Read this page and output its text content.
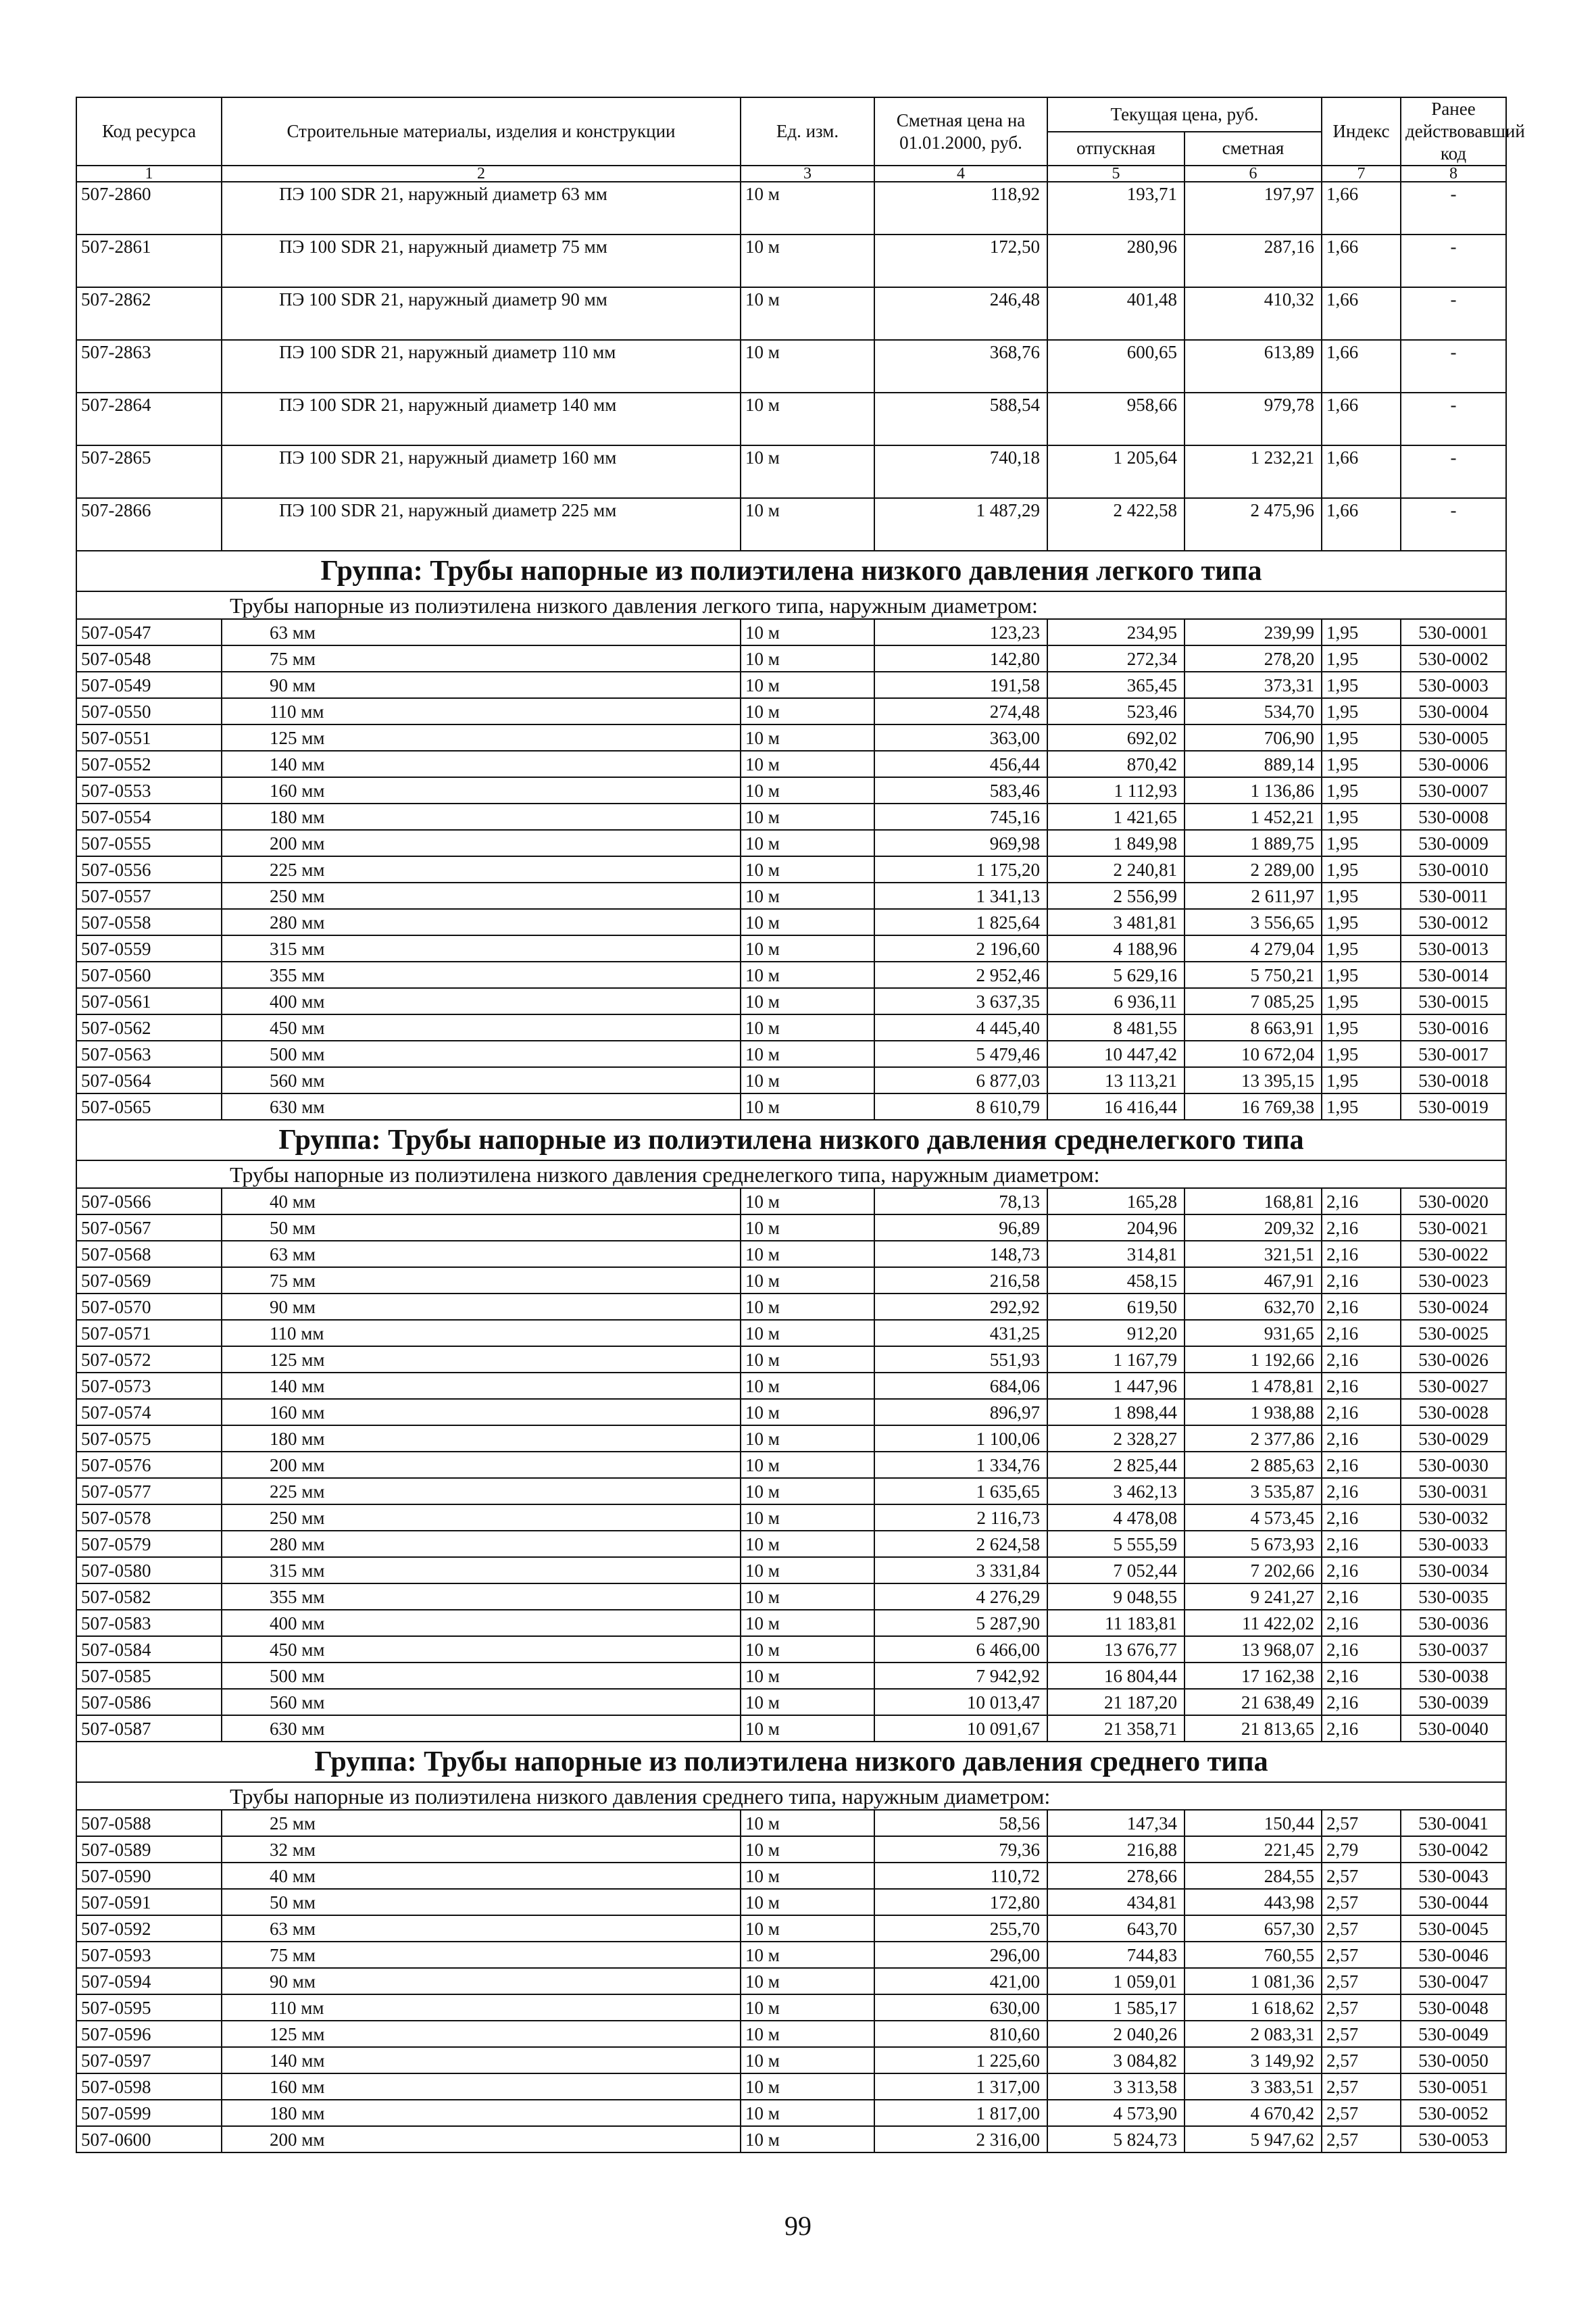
Код ресурса	Строительные материалы, изделия и конструкции	Ед. изм.	Сметная цена на 01.01.2000, руб.	Текущая цена, руб.		Индекс	Ранее действовавший код
				отпускная	сметная		
1	2	3	4	5	6	7	8
507-2860	ПЭ 100 SDR 21, наружный диаметр 63 мм	10 м	118,92	193,71	197,97	1,66	-
507-2861	ПЭ 100 SDR 21, наружный диаметр 75 мм	10 м	172,50	280,96	287,16	1,66	-
507-2862	ПЭ 100 SDR 21, наружный диаметр 90 мм	10 м	246,48	401,48	410,32	1,66	-
507-2863	ПЭ 100 SDR 21, наружный диаметр 110 мм	10 м	368,76	600,65	613,89	1,66	-
507-2864	ПЭ 100 SDR 21, наружный диаметр 140 мм	10 м	588,54	958,66	979,78	1,66	-
507-2865	ПЭ 100 SDR 21, наружный диаметр 160 мм	10 м	740,18	1 205,64	1 232,21	1,66	-
507-2866	ПЭ 100 SDR 21, наружный диаметр 225 мм	10 м	1 487,29	2 422,58	2 475,96	1,66	-
Группа: Трубы напорные из полиэтилена низкого давления легкого типа							
Трубы напорные из полиэтилена низкого давления легкого типа, наружным диаметром:							
507-0547	63 мм	10 м	123,23	234,95	239,99	1,95	530-0001
507-0548	75 мм	10 м	142,80	272,34	278,20	1,95	530-0002
507-0549	90 мм	10 м	191,58	365,45	373,31	1,95	530-0003
507-0550	110 мм	10 м	274,48	523,46	534,70	1,95	530-0004
507-0551	125 мм	10 м	363,00	692,02	706,90	1,95	530-0005
507-0552	140 мм	10 м	456,44	870,42	889,14	1,95	530-0006
507-0553	160 мм	10 м	583,46	1 112,93	1 136,86	1,95	530-0007
507-0554	180 мм	10 м	745,16	1 421,65	1 452,21	1,95	530-0008
507-0555	200 мм	10 м	969,98	1 849,98	1 889,75	1,95	530-0009
507-0556	225 мм	10 м	1 175,20	2 240,81	2 289,00	1,95	530-0010
507-0557	250 мм	10 м	1 341,13	2 556,99	2 611,97	1,95	530-0011
507-0558	280 мм	10 м	1 825,64	3 481,81	3 556,65	1,95	530-0012
507-0559	315 мм	10 м	2 196,60	4 188,96	4 279,04	1,95	530-0013
507-0560	355 мм	10 м	2 952,46	5 629,16	5 750,21	1,95	530-0014
507-0561	400 мм	10 м	3 637,35	6 936,11	7 085,25	1,95	530-0015
507-0562	450 мм	10 м	4 445,40	8 481,55	8 663,91	1,95	530-0016
507-0563	500 мм	10 м	5 479,46	10 447,42	10 672,04	1,95	530-0017
507-0564	560 мм	10 м	6 877,03	13 113,21	13 395,15	1,95	530-0018
507-0565	630 мм	10 м	8 610,79	16 416,44	16 769,38	1,95	530-0019
Группа: Трубы напорные из полиэтилена низкого давления среднелегкого типа							
Трубы напорные из полиэтилена низкого давления среднелегкого типа, наружным диаметром:							
507-0566	40 мм	10 м	78,13	165,28	168,81	2,16	530-0020
507-0567	50 мм	10 м	96,89	204,96	209,32	2,16	530-0021
507-0568	63 мм	10 м	148,73	314,81	321,51	2,16	530-0022
507-0569	75 мм	10 м	216,58	458,15	467,91	2,16	530-0023
507-0570	90 мм	10 м	292,92	619,50	632,70	2,16	530-0024
507-0571	110 мм	10 м	431,25	912,20	931,65	2,16	530-0025
507-0572	125 мм	10 м	551,93	1 167,79	1 192,66	2,16	530-0026
507-0573	140 мм	10 м	684,06	1 447,96	1 478,81	2,16	530-0027
507-0574	160 мм	10 м	896,97	1 898,44	1 938,88	2,16	530-0028
507-0575	180 мм	10 м	1 100,06	2 328,27	2 377,86	2,16	530-0029
507-0576	200 мм	10 м	1 334,76	2 825,44	2 885,63	2,16	530-0030
507-0577	225 мм	10 м	1 635,65	3 462,13	3 535,87	2,16	530-0031
507-0578	250 мм	10 м	2 116,73	4 478,08	4 573,45	2,16	530-0032
507-0579	280 мм	10 м	2 624,58	5 555,59	5 673,93	2,16	530-0033
507-0580	315 мм	10 м	3 331,84	7 052,44	7 202,66	2,16	530-0034
507-0582	355 мм	10 м	4 276,29	9 048,55	9 241,27	2,16	530-0035
507-0583	400 мм	10 м	5 287,90	11 183,81	11 422,02	2,16	530-0036
507-0584	450 мм	10 м	6 466,00	13 676,77	13 968,07	2,16	530-0037
507-0585	500 мм	10 м	7 942,92	16 804,44	17 162,38	2,16	530-0038
507-0586	560 мм	10 м	10 013,47	21 187,20	21 638,49	2,16	530-0039
507-0587	630 мм	10 м	10 091,67	21 358,71	21 813,65	2,16	530-0040
Группа: Трубы напорные из полиэтилена низкого давления среднего типа							
Трубы напорные из полиэтилена низкого давления среднего типа, наружным диаметром:							
507-0588	25 мм	10 м	58,56	147,34	150,44	2,57	530-0041
507-0589	32 мм	10 м	79,36	216,88	221,45	2,79	530-0042
507-0590	40 мм	10 м	110,72	278,66	284,55	2,57	530-0043
507-0591	50 мм	10 м	172,80	434,81	443,98	2,57	530-0044
507-0592	63 мм	10 м	255,70	643,70	657,30	2,57	530-0045
507-0593	75 мм	10 м	296,00	744,83	760,55	2,57	530-0046
507-0594	90 мм	10 м	421,00	1 059,01	1 081,36	2,57	530-0047
507-0595	110 мм	10 м	630,00	1 585,17	1 618,62	2,57	530-0048
507-0596	125 мм	10 м	810,60	2 040,26	2 083,31	2,57	530-0049
507-0597	140 мм	10 м	1 225,60	3 084,82	3 149,92	2,57	530-0050
507-0598	160 мм	10 м	1 317,00	3 313,58	3 383,51	2,57	530-0051
507-0599	180 мм	10 м	1 817,00	4 573,90	4 670,42	2,57	530-0052
507-0600	200 мм	10 м	2 316,00	5 824,73	5 947,62	2,57	530-0053
99
